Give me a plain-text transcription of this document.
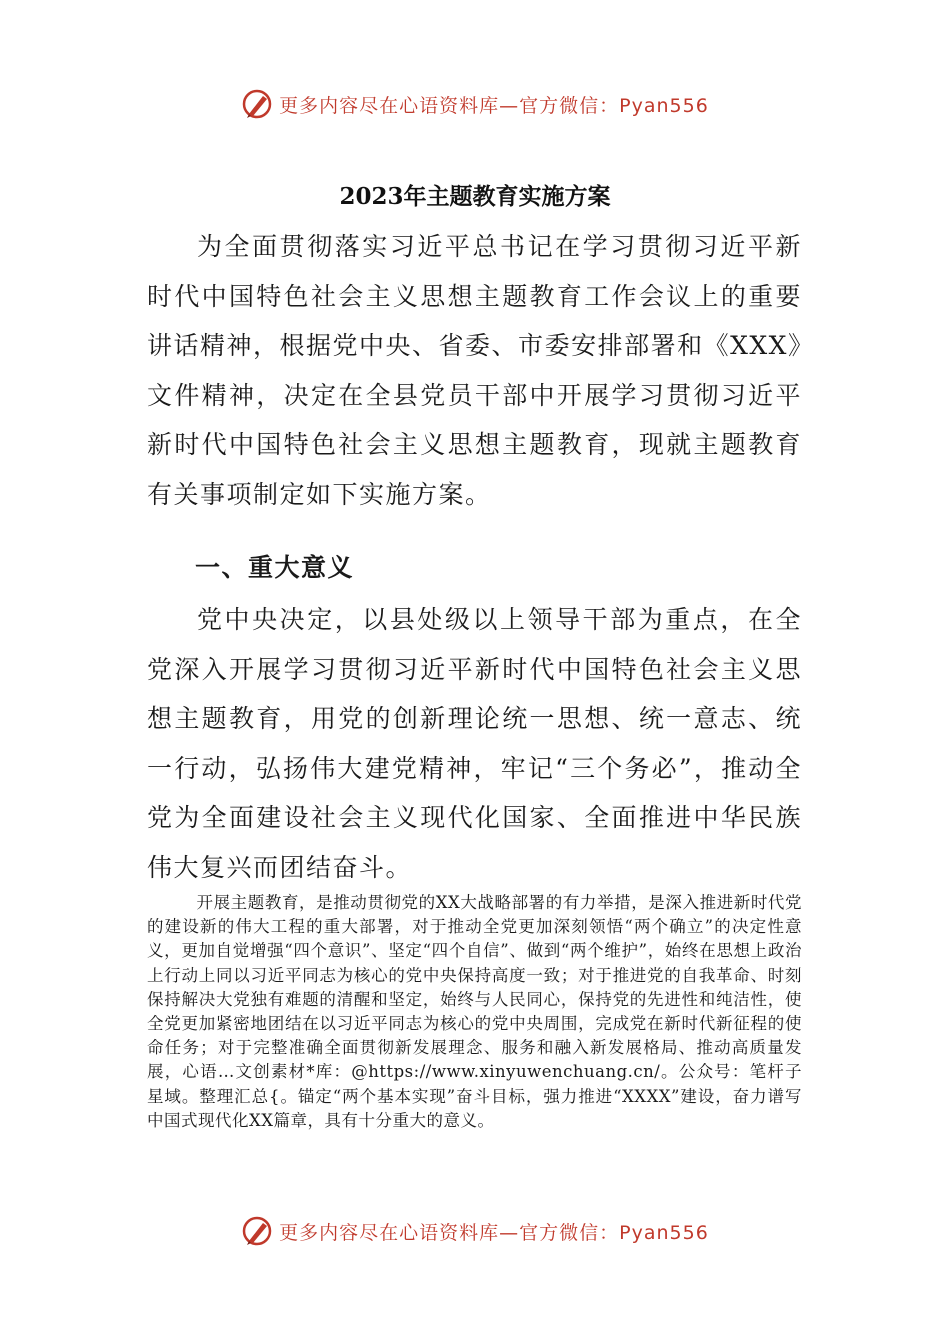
更多内容尽在心语资料库—官方微信：Pyan556
2023年主题教育实施方案

为全面贯彻落实习近平总书记在学习贯彻习近平新时代中国特色社会主义思想主题教育工作会议上的重要讲话精神，根据党中央、省委、市委安排部署和《XXX》文件精神，决定在全县党员干部中开展学习贯彻习近平新时代中国特色社会主义思想主题教育，现就主题教育有关事项制定如下实施方案。

一、重大意义

党中央决定，以县处级以上领导干部为重点，在全党深入开展学习贯彻习近平新时代中国特色社会主义思想主题教育，用党的创新理论统一思想、统一意志、统一行动，弘扬伟大建党精神，牢记“三个务必”，推动全党为全面建设社会主义现代化国家、全面推进中华民族伟大复兴而团结奋斗。

开展主题教育，是推动贯彻党的XX大战略部署的有力举措，是深入推进新时代党的建设新的伟大工程的重大部署，对于推动全党更加深刻领悟“两个确立”的决定性意义，更加自觉增强“四个意识”、坚定“四个自信”、做到“两个维护”，始终在思想上政治上行动上同以习近平同志为核心的党中央保持高度一致；对于推进党的自我革命、时刻保持解决大党独有难题的清醒和坚定，始终与人民同心，保持党的先进性和纯洁性，使全党更加紧密地团结在以习近平同志为核心的党中央周围，完成党在新时代新征程的使命任务；对于完整准确全面贯彻新发展理念、服务和融入新发展格局、推动高质量发展，心语…文创素材*库：@https://www.xinyuwenchuang.cn/。公众号：笔杆子星域。整理汇总{。锚定“两个基本实现”奋斗目标，强力推进“XXXX”建设，奋力谱写中国式现代化XX篇章，具有十分重大的意义。

更多内容尽在心语资料库—官方微信：Pyan556
